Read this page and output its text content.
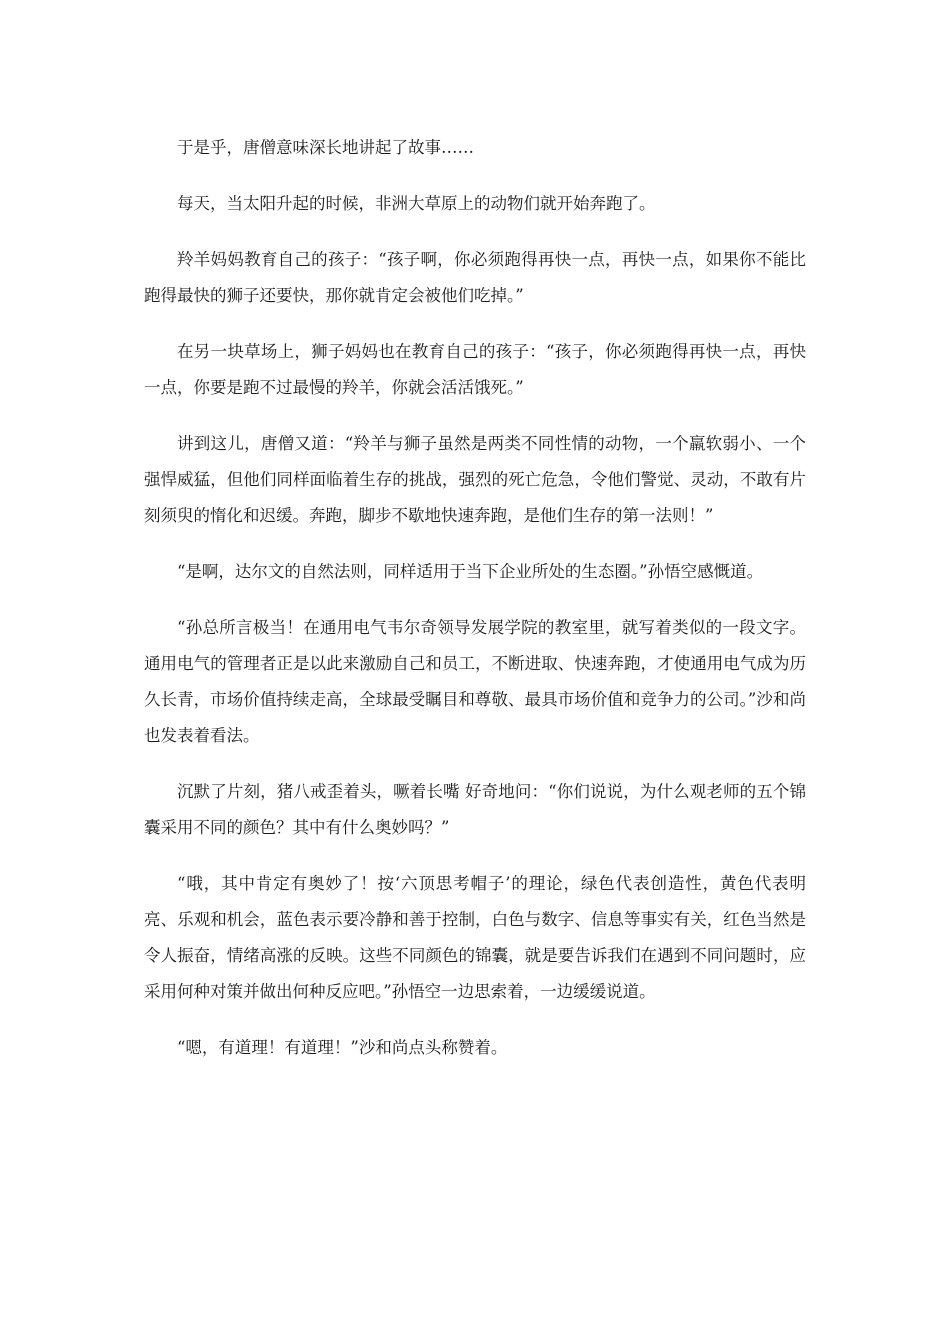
于是乎，唐僧意味深长地讲起了故事……

每天，当太阳升起的时候，非洲大草原上的动物们就开始奔跑了。

羚羊妈妈教育自己的孩子：“孩子啊，你必须跑得再快一点，再快一点，如果你不能比跑得最快的狮子还要快，那你就肯定会被他们吃掉。”

在另一块草场上，狮子妈妈也在教育自己的孩子：“孩子，你必须跑得再快一点，再快一点，你要是跑不过最慢的羚羊，你就会活活饿死。”

讲到这儿，唐僧又道：“羚羊与狮子虽然是两类不同性情的动物，一个羸软弱小、一个强悍威猛，但他们同样面临着生存的挑战，强烈的死亡危急，令他们警觉、灵动，不敢有片刻须臾的惰化和迟缓。奔跑，脚步不歇地快速奔跑，是他们生存的第一法则！”

“是啊，达尔文的自然法则，同样适用于当下企业所处的生态圈。”孙悟空感慨道。

“孙总所言极当！在通用电气韦尔奇领导发展学院的教室里，就写着类似的一段文字。通用电气的管理者正是以此来激励自己和员工，不断进取、快速奔跑，才使通用电气成为历久长青，市场价值持续走高，全球最受瞩目和尊敬、最具市场价值和竞争力的公司。”沙和尚也发表着看法。

沉默了片刻，猪八戒歪着头，噘着长嘴 好奇地问：“你们说说，为什么观老师的五个锦囊采用不同的颜色？其中有什么奥妙吗？”

“哦，其中肯定有奥妙了！按‘六顶思考帽子’的理论，绿色代表创造性，黄色代表明亮、乐观和机会，蓝色表示要冷静和善于控制，白色与数字、信息等事实有关，红色当然是令人振奋，情绪高涨的反映。这些不同颜色的锦囊，就是要告诉我们在遇到不同问题时，应采用何种对策并做出何种反应吧。”孙悟空一边思索着，一边缓缓说道。

“嗯，有道理！有道理！”沙和尚点头称赞着。
